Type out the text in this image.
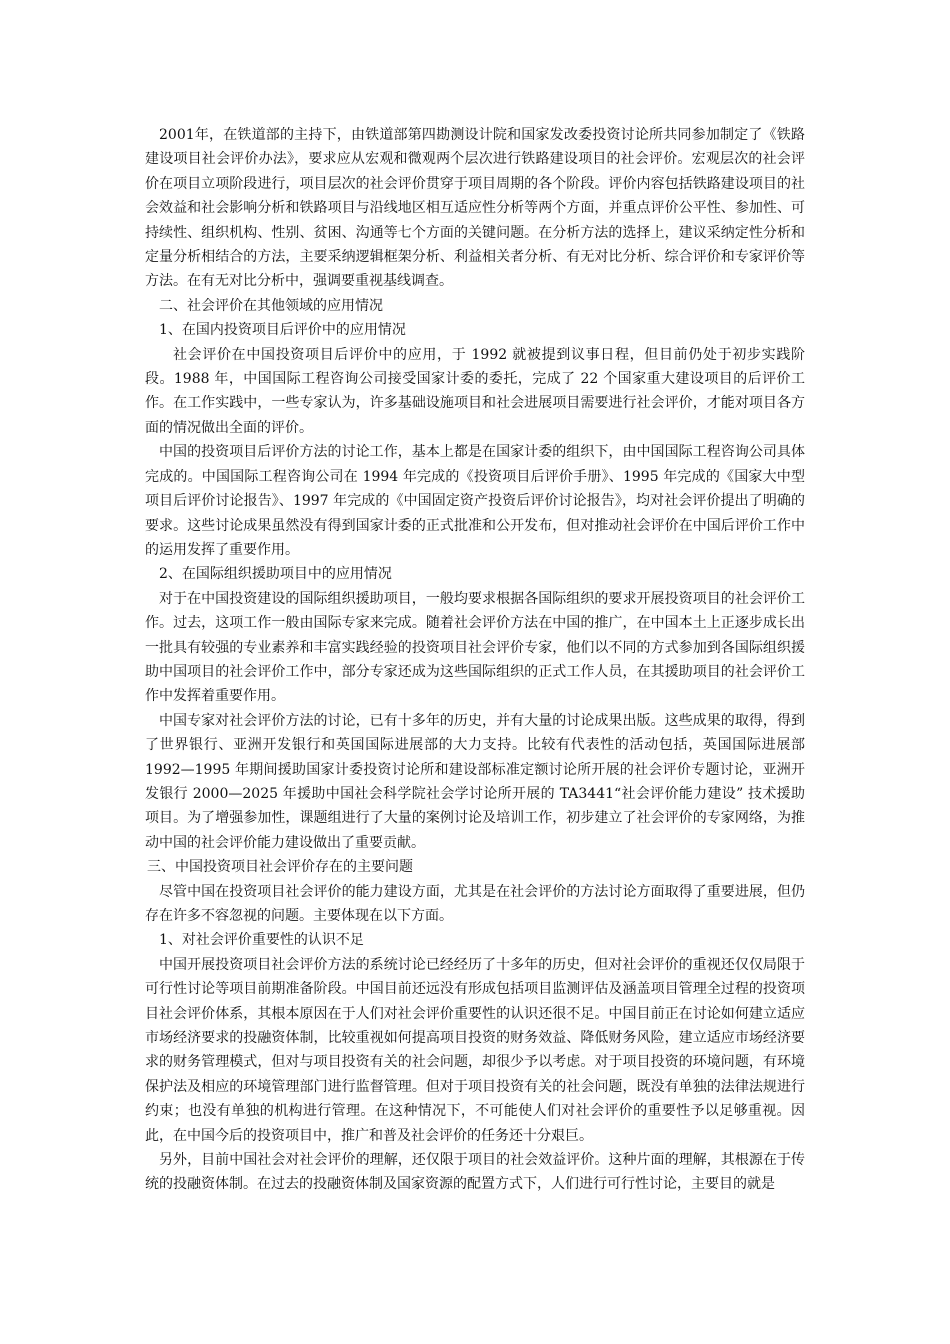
2001年，在铁道部的主持下，由铁道部第四勘测设计院和国家发改委投资讨论所共同参加制定了《铁路建设项目社会评价办法》，要求应从宏观和微观两个层次进行铁路建设项目的社会评价。宏观层次的社会评价在项目立项阶段进行，项目层次的社会评价贯穿于项目周期的各个阶段。评价内容包括铁路建设项目的社会效益和社会影响分析和铁路项目与沿线地区相互适应性分析等两个方面，并重点评价公平性、参加性、可持续性、组织机构、性别、贫困、沟通等七个方面的关键问题。在分析方法的选择上，建议采纳定性分析和定量分析相结合的方法，主要采纳逻辑框架分析、利益相关者分析、有无对比分析、综合评价和专家评价等方法。在有无对比分析中，强调要重视基线调查。

二、社会评价在其他领域的应用情况

1、在国内投资项目后评价中的应用情况

社会评价在中国投资项目后评价中的应用，于 1992 就被提到议事日程，但目前仍处于初步实践阶段。1988 年，中国国际工程咨询公司接受国家计委的委托，完成了 22 个国家重大建设项目的后评价工作。在工作实践中，一些专家认为，许多基础设施项目和社会进展项目需要进行社会评价，才能对项目各方面的情况做出全面的评价。

中国的投资项目后评价方法的讨论工作，基本上都是在国家计委的组织下，由中国国际工程咨询公司具体完成的。中国国际工程咨询公司在 1994 年完成的《投资项目后评价手册》、1995 年完成的《国家大中型项目后评价讨论报告》、1997 年完成的《中国固定资产投资后评价讨论报告》，均对社会评价提出了明确的要求。这些讨论成果虽然没有得到国家计委的正式批准和公开发布，但对推动社会评价在中国后评价工作中的运用发挥了重要作用。

2、在国际组织援助项目中的应用情况

对于在中国投资建设的国际组织援助项目，一般均要求根据各国际组织的要求开展投资项目的社会评价工作。过去，这项工作一般由国际专家来完成。随着社会评价方法在中国的推广，在中国本土上正逐步成长出一批具有较强的专业素养和丰富实践经验的投资项目社会评价专家，他们以不同的方式参加到各国际组织援助中国项目的社会评价工作中，部分专家还成为这些国际组织的正式工作人员，在其援助项目的社会评价工作中发挥着重要作用。

中国专家对社会评价方法的讨论，已有十多年的历史，并有大量的讨论成果出版。这些成果的取得，得到了世界银行、亚洲开发银行和英国国际进展部的大力支持。比较有代表性的活动包括，英国国际进展部 1992—1995 年期间援助国家计委投资讨论所和建设部标准定额讨论所开展的社会评价专题讨论，亚洲开发银行 2000—2025 年援助中国社会科学院社会学讨论所开展的 TA3441“社会评价能力建设” 技术援助项目。为了增强参加性，课题组进行了大量的案例讨论及培训工作，初步建立了社会评价的专家网络，为推动中国的社会评价能力建设做出了重要贡献。

三、中国投资项目社会评价存在的主要问题

尽管中国在投资项目社会评价的能力建设方面，尤其是在社会评价的方法讨论方面取得了重要进展，但仍存在许多不容忽视的问题。主要体现在以下方面。

1、对社会评价重要性的认识不足

中国开展投资项目社会评价方法的系统讨论已经经历了十多年的历史，但对社会评价的重视还仅仅局限于可行性讨论等项目前期准备阶段。中国目前还远没有形成包括项目监测评估及涵盖项目管理全过程的投资项目社会评价体系，其根本原因在于人们对社会评价重要性的认识还很不足。中国目前正在讨论如何建立适应市场经济要求的投融资体制，比较重视如何提高项目投资的财务效益、降低财务风险，建立适应市场经济要求的财务管理模式，但对与项目投资有关的社会问题，却很少予以考虑。对于项目投资的环境问题，有环境保护法及相应的环境管理部门进行监督管理。但对于项目投资有关的社会问题，既没有单独的法律法规进行约束；也没有单独的机构进行管理。在这种情况下，不可能使人们对社会评价的重要性予以足够重视。因此，在中国今后的投资项目中，推广和普及社会评价的任务还十分艰巨。

另外，目前中国社会对社会评价的理解，还仅限于项目的社会效益评价。这种片面的理解，其根源在于传统的投融资体制。在过去的投融资体制及国家资源的配置方式下，人们进行可行性讨论，主要目的就是
